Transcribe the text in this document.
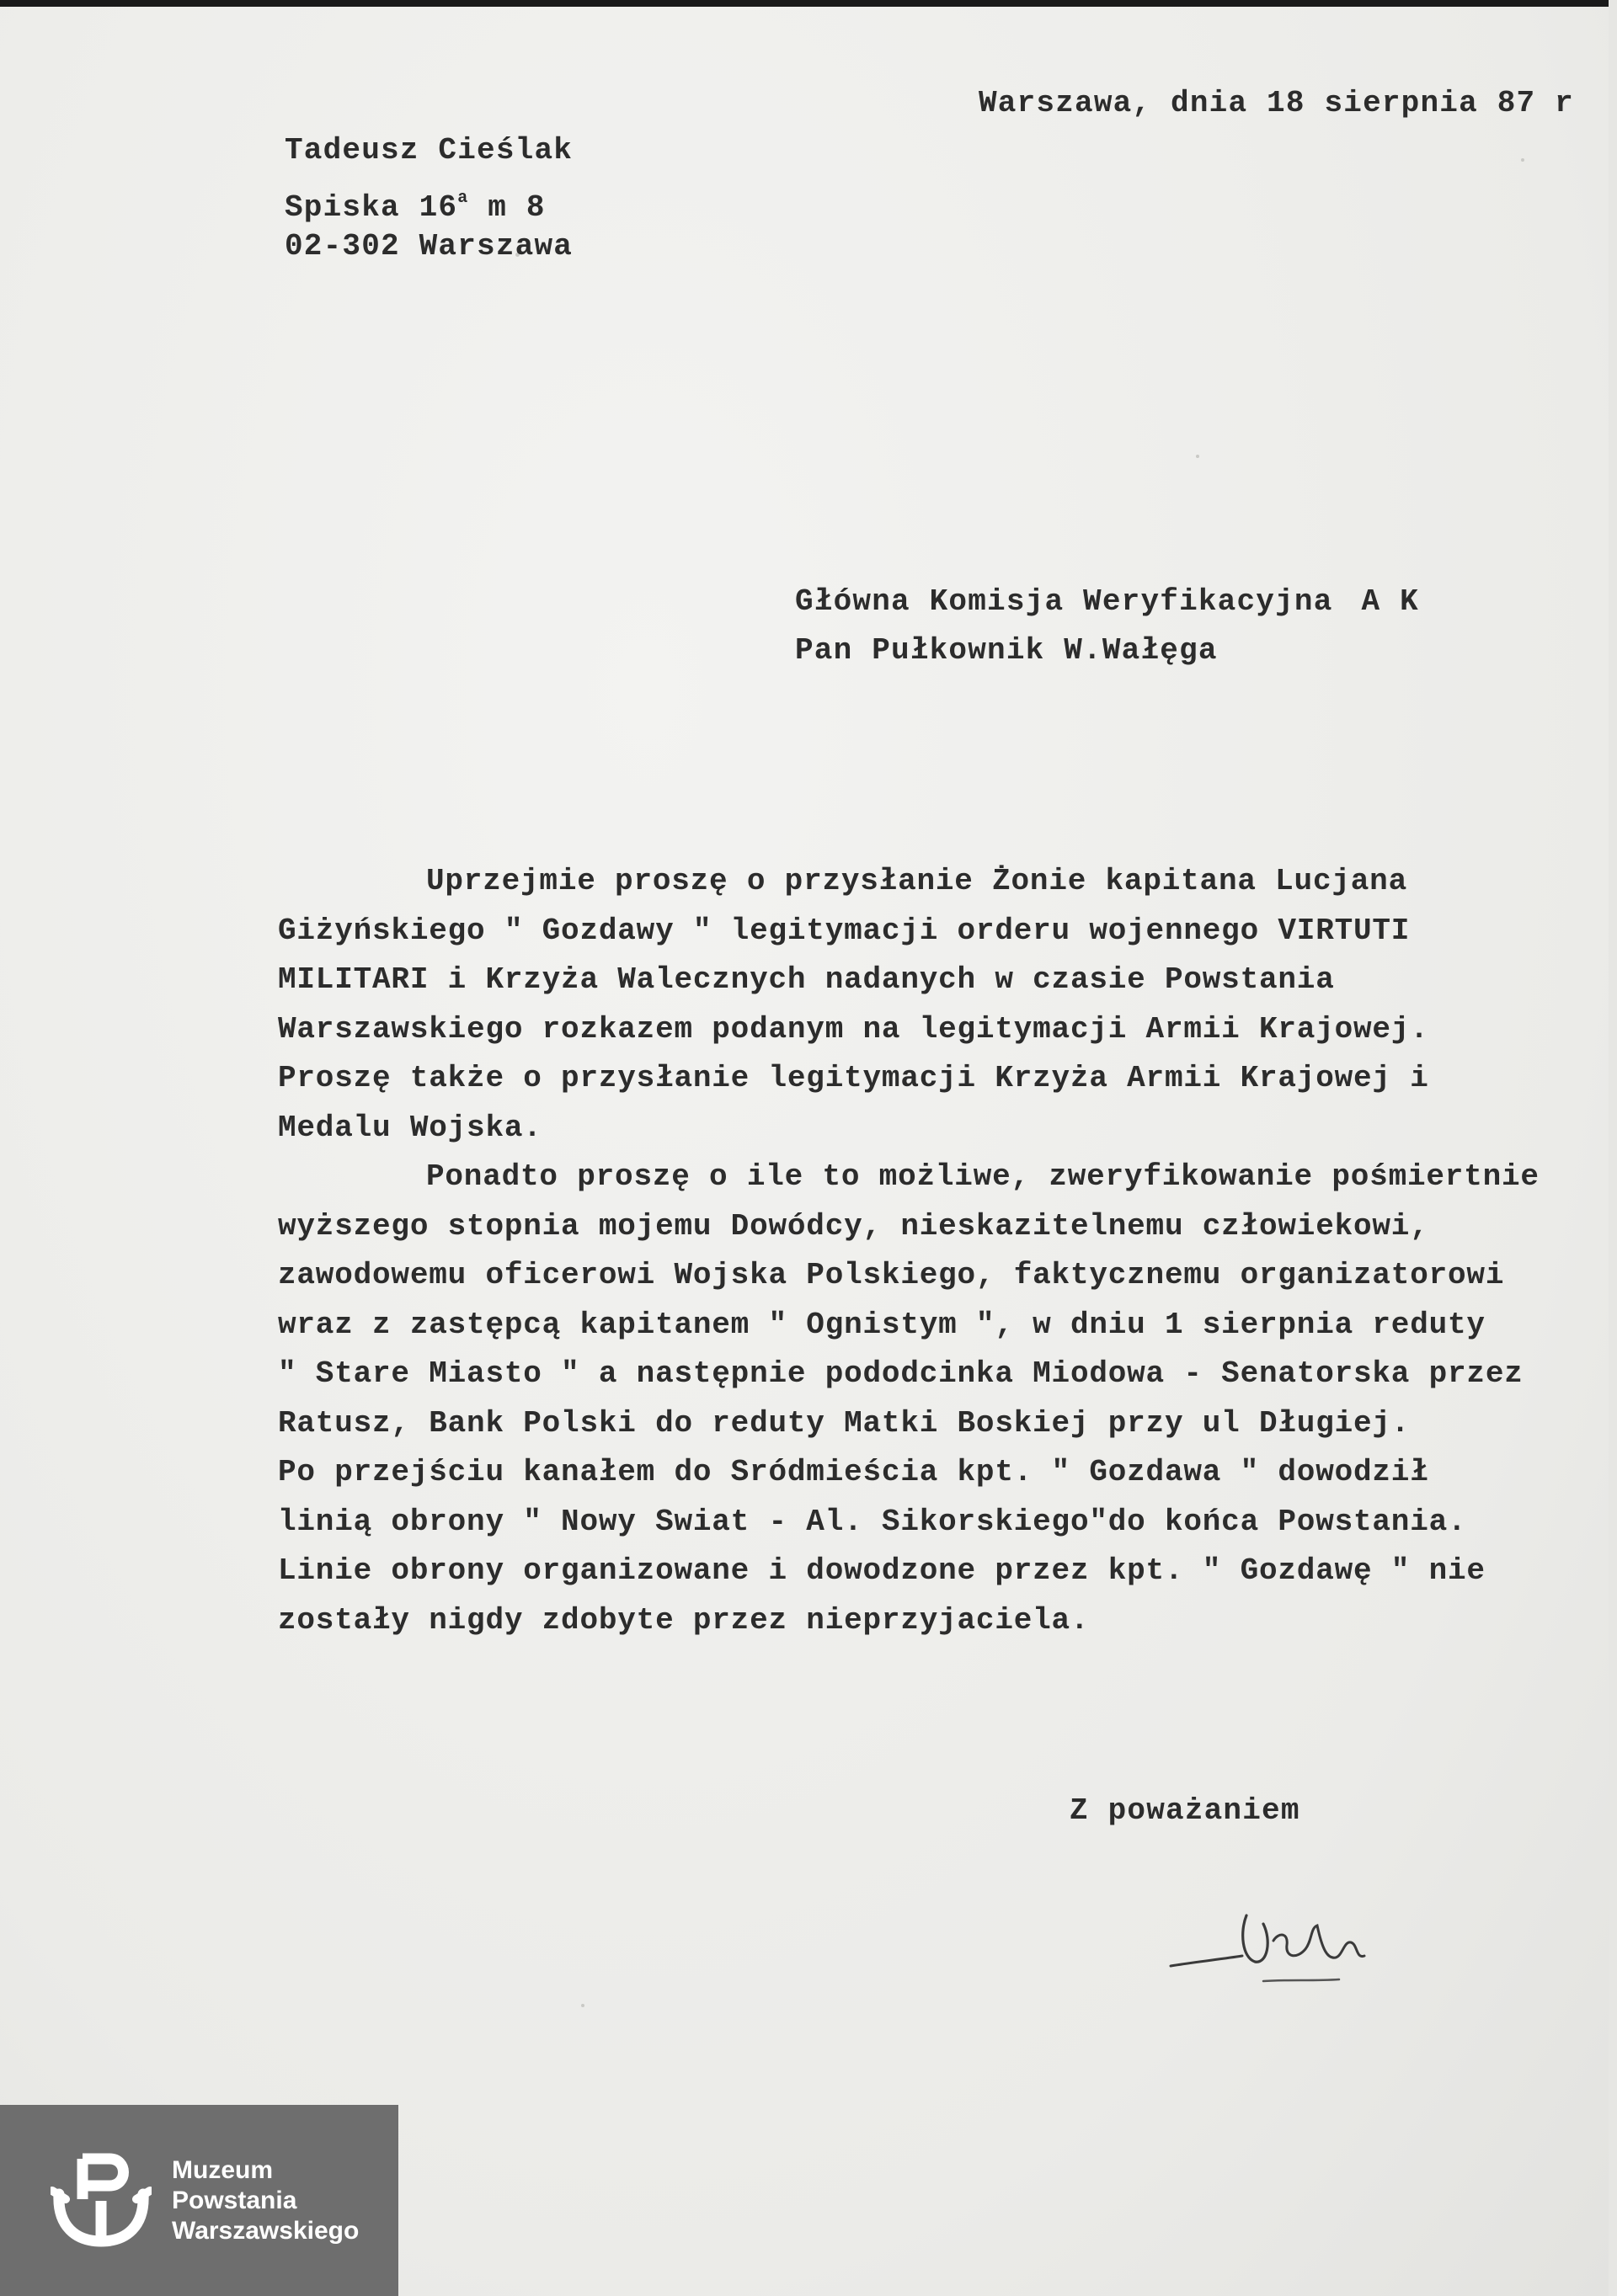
Warszawa, dnia 18 sierpnia 87 r
Tadeusz Cieślak
Spiska 16$^a$ m 8
02-302 Warszawa
Główna Komisja Weryfikacyjna A K
Pan Pułkownik W.Wałęga
Uprzejmie proszę o przysłanie Żonie kapitana Lucjana
Giżyńskiego " Gozdawy " legitymacji orderu wojennego VIRTUTI
MILITARI i Krzyża Walecznych nadanych w czasie Powstania
Warszawskiego rozkazem podanym na legitymacji Armii Krajowej.
Proszę także o przysłanie legitymacji Krzyża Armii Krajowej i
Medalu Wojska.
Ponadto proszę o ile to możliwe, zweryfikowanie pośmiertnie
wyższego stopnia mojemu Dowódcy, nieskazitelnemu człowiekowi,
zawodowemu oficerowi Wojska Polskiego, faktycznemu organizatorowi
wraz z zastępcą kapitanem " Ognistym ", w dniu 1 sierpnia reduty
" Stare Miasto " a następnie pododcinka Miodowa - Senatorska przez
Ratusz, Bank Polski do reduty Matki Boskiej przy ul Długiej.
Po przejściu kanałem do Sródmieścia kpt. " Gozdawa " dowodził
linią obrony " Nowy Swiat - Al. Sikorskiego"do końca Powstania.
Linie obrony organizowane i dowodzone przez kpt. " Gozdawę " nie
zostały nigdy zdobyte przez nieprzyjaciela.
Z poważaniem
Muzeum
Powstania
Warszawskiego
